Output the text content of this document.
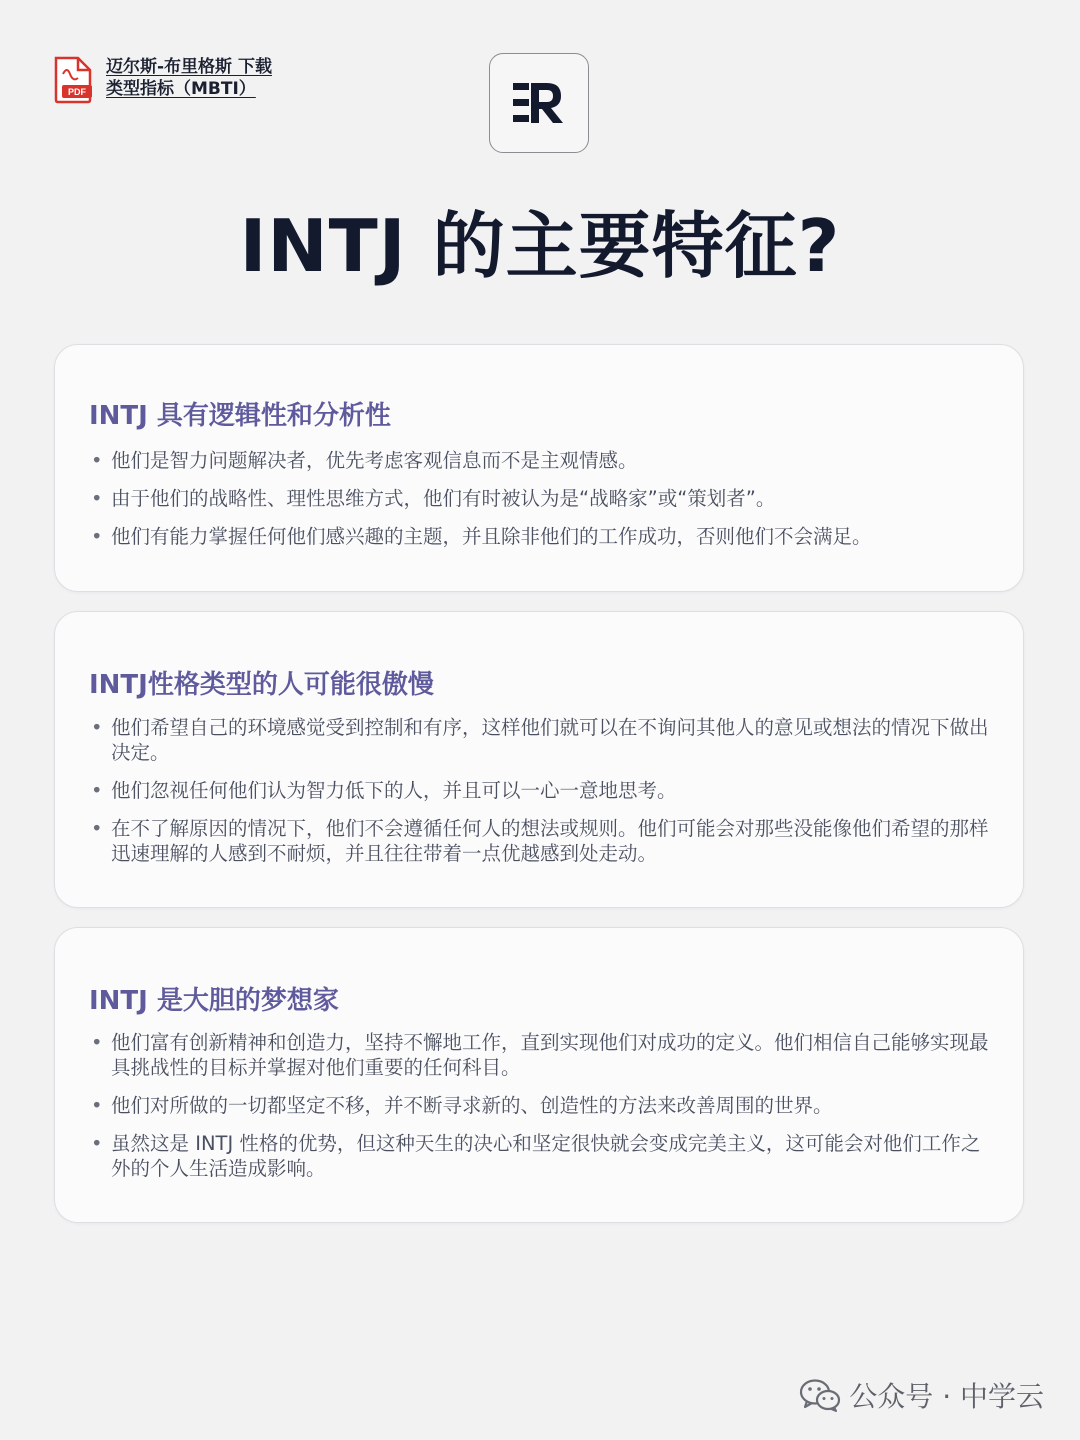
PDF
迈尔斯-布里格斯 下载
类型指标（MBTI）
INTJ 的主要特征?
INTJ 具有逻辑性和分析性
• 他们是智力问题解决者，优先考虑客观信息而不是主观情感。
• 由于他们的战略性、理性思维方式，他们有时被认为是“战略家”或“策划者”。
• 他们有能力掌握任何他们感兴趣的主题，并且除非他们的工作成功，否则他们不会满足。
INTJ性格类型的人可能很傲慢
• 他们希望自己的环境感觉受到控制和有序，这样他们就可以在不询问其他人的意见或想法的情况下做出决定。
• 他们忽视任何他们认为智力低下的人，并且可以一心一意地思考。
• 在不了解原因的情况下，他们不会遵循任何人的想法或规则。他们可能会对那些没能像他们希望的那样迅速理解的人感到不耐烦，并且往往带着一点优越感到处走动。
INTJ 是大胆的梦想家
• 他们富有创新精神和创造力，坚持不懈地工作，直到实现他们对成功的定义。他们相信自己能够实现最具挑战性的目标并掌握对他们重要的任何科目。
• 他们对所做的一切都坚定不移，并不断寻求新的、创造性的方法来改善周围的世界。
• 虽然这是 INTJ 性格的优势，但这种天生的决心和坚定很快就会变成完美主义，这可能会对他们工作之外的个人生活造成影响。
公众号 · 中学云
